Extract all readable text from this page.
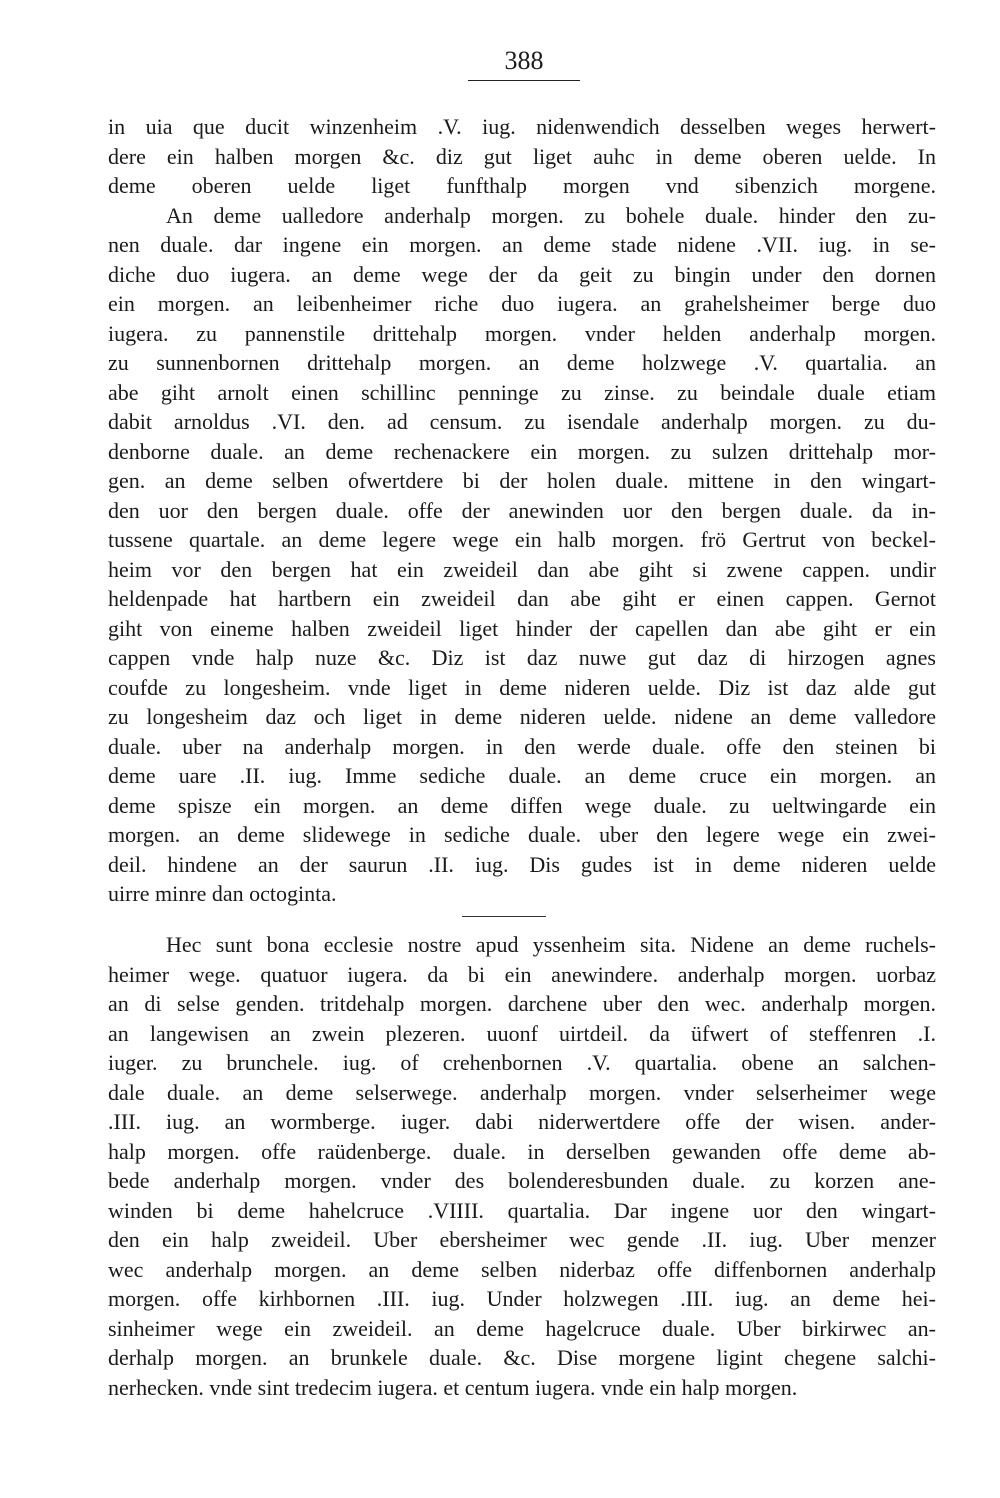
388
in uia que ducit winzenheim .V. iug. nidenwendich desselben weges herwert-
dere ein halben morgen &c. diz gut liget auhc in deme oberen uelde. In
deme oberen uelde liget funfthalp morgen vnd sibenzich morgene.
An deme ualledore anderhalp morgen. zu bohele duale. hinder den zu-
nen duale. dar ingene ein morgen. an deme stade nidene .VII. iug. in se-
diche duo iugera. an deme wege der da geit zu bingin under den dornen
ein morgen. an leibenheimer riche duo iugera. an grahelsheimer berge duo
iugera. zu pannenstile drittehalp morgen. vnder helden anderhalp morgen.
zu sunnenbornen drittehalp morgen. an deme holzwege .V. quartalia. an
abe giht arnolt einen schillinc penninge zu zinse. zu beindale duale etiam
dabit arnoldus .VI. den. ad censum. zu isendale anderhalp morgen. zu du-
denborne duale. an deme rechenackere ein morgen. zu sulzen drittehalp mor-
gen. an deme selben ofwertdere bi der holen duale. mittene in den wingart-
den uor den bergen duale. offe der anewinden uor den bergen duale. da in-
tussene quartale. an deme legere wege ein halb morgen. frö Gertrut von beckel-
heim vor den bergen hat ein zweideil dan abe giht si zwene cappen. undir
heldenpade hat hartbern ein zweideil dan abe giht er einen cappen. Gernot
giht von eineme halben zweideil liget hinder der capellen dan abe giht er ein
cappen vnde halp nuze &c. Diz ist daz nuwe gut daz di hirzogen agnes
coufde zu longesheim. vnde liget in deme nideren uelde. Diz ist daz alde gut
zu longesheim daz och liget in deme nideren uelde. nidene an deme valledore
duale. uber na anderhalp morgen. in den werde duale. offe den steinen bi
deme uare .II. iug. Imme sediche duale. an deme cruce ein morgen. an
deme spisze ein morgen. an deme diffen wege duale. zu ueltwingarde ein
morgen. an deme slidewege in sediche duale. uber den legere wege ein zwei-
deil. hindene an der saurun .II. iug. Dis gudes ist in deme nideren uelde
uirre minre dan octoginta.
Hec sunt bona ecclesie nostre apud yssenheim sita. Nidene an deme ruchels-
heimer wege. quatuor iugera. da bi ein anewindere. anderhalp morgen. uorbaz
an di selse genden. tritdehalp morgen. darchene uber den wec. anderhalp morgen.
an langewisen an zwein plezeren. uuonf uirtdeil. da üfwert of steffenren .I.
iuger. zu brunchele. iug. of crehenbornen .V. quartalia. obene an salchen-
dale duale. an deme selserwege. anderhalp morgen. vnder selserheimer wege
.III. iug. an wormberge. iuger. dabi niderwertdere offe der wisen. ander-
halp morgen. offe raüdenberge. duale. in derselben gewanden offe deme ab-
bede anderhalp morgen. vnder des bolenderesbunden duale. zu korzen ane-
winden bi deme hahelcruce .VIIII. quartalia. Dar ingene uor den wingart-
den ein halp zweideil. Uber ebersheimer wec gende .II. iug. Uber menzer
wec anderhalp morgen. an deme selben niderbaz offe diffenbornen anderhalp
morgen. offe kirhbornen .III. iug. Under holzwegen .III. iug. an deme hei-
sinheimer wege ein zweideil. an deme hagelcruce duale. Uber birkirwec an-
derhalp morgen. an brunkele duale. &c. Dise morgene ligint chegene salchi-
nerhecken. vnde sint tredecim iugera. et centum iugera. vnde ein halp morgen.
